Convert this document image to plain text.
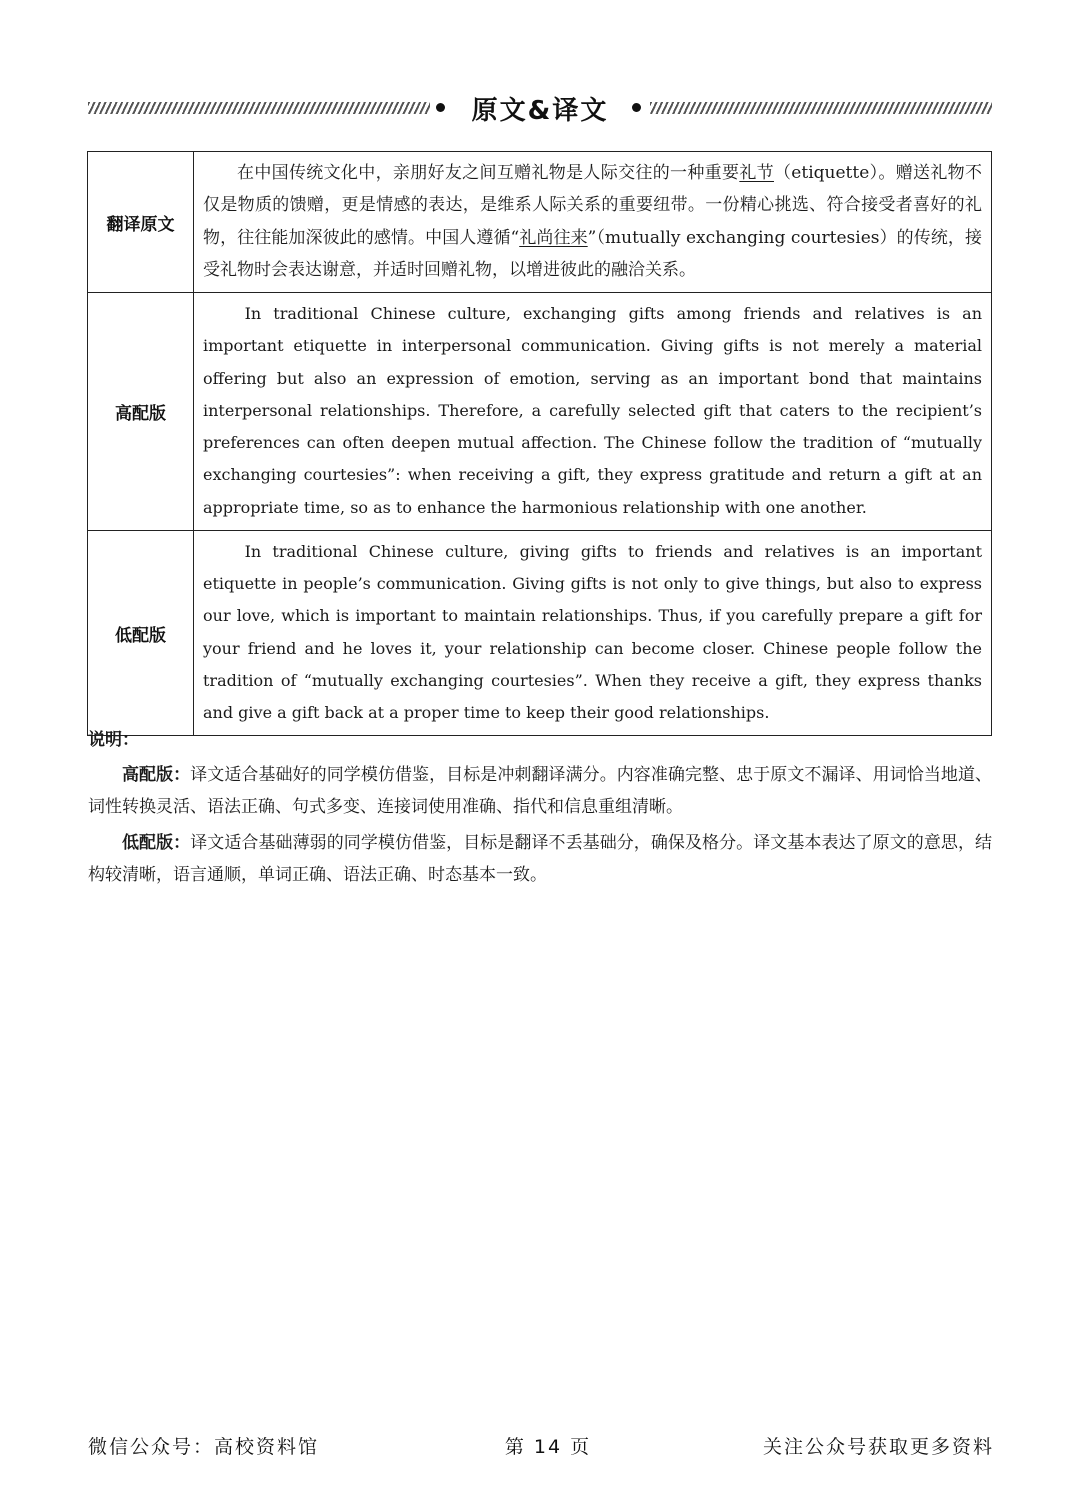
原文&译文
翻译原文	在中国传统文化中，亲朋好友之间互赠礼物是人际交往的一种重要礼节（etiquette）。赠送礼物不仅是物质的馈赠，更是情感的表达，是维系人际关系的重要纽带。一份精心挑选、符合接受者喜好的礼物，往往能加深彼此的感情。中国人遵循“礼尚往来”（mutually exchanging courtesies）的传统，接受礼物时会表达谢意，并适时回赠礼物，以增进彼此的融洽关系。

高配版	In traditional Chinese culture, exchanging gifts among friends and relatives is an important etiquette in interpersonal communication. Giving gifts is not merely a material offering but also an expression of emotion, serving as an important bond that maintains interpersonal relationships. Therefore, a carefully selected gift that caters to the recipient’s preferences can often deepen mutual affection. The Chinese follow the tradition of “mutually exchanging courtesies”: when receiving a gift, they express gratitude and return a gift at an appropriate time, so as to enhance the harmonious relationship with one another.

低配版	In traditional Chinese culture, giving gifts to friends and relatives is an important etiquette in people’s communication. Giving gifts is not only to give things, but also to express our love, which is important to maintain relationships. Thus, if you carefully prepare a gift for your friend and he loves it, your relationship can become closer. Chinese people follow the tradition of “mutually exchanging courtesies”. When they receive a gift, they express thanks and give a gift back at a proper time to keep their good relationships.

说明：

高配版：译文适合基础好的同学模仿借鉴，目标是冲刺翻译满分。内容准确完整、忠于原文不漏译、用词恰当地道、词性转换灵活、语法正确、句式多变、连接词使用准确、指代和信息重组清晰。

低配版：译文适合基础薄弱的同学模仿借鉴，目标是翻译不丢基础分，确保及格分。译文基本表达了原文的意思，结构较清晰，语言通顺，单词正确、语法正确、时态基本一致。

微信公众号：高校资料馆	第 14 页	关注公众号获取更多资料
